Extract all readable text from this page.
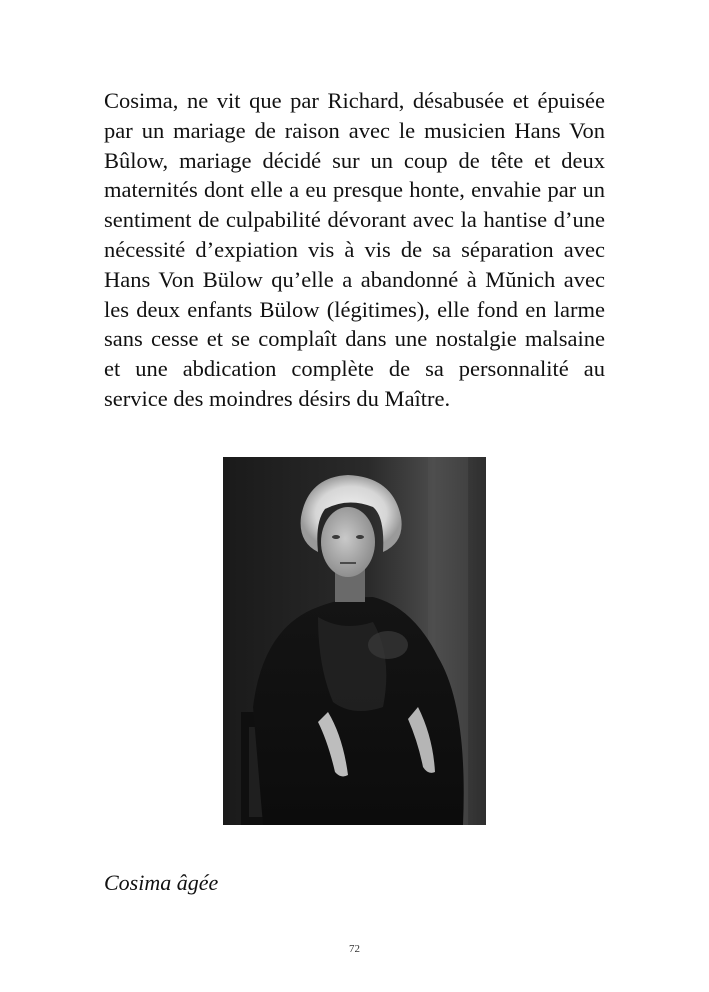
Cosima, ne vit que par Richard, désabusée et épuisée par un mariage de raison avec le musicien Hans Von Bûlow, mariage décidé sur un coup de tête et deux maternités dont elle a eu presque honte, envahie par un sentiment de culpabilité dévorant avec la hantise d’une nécessité d’expiation vis à vis de sa séparation avec Hans Von Bülow qu’elle a abandonné à Mŭnich avec les deux enfants Bülow (légitimes), elle fond en larme sans cesse et se complaît dans une nostalgie malsaine et une abdication complète de sa personnalité au service des moindres désirs du Maître.

Cosima âgée

72
